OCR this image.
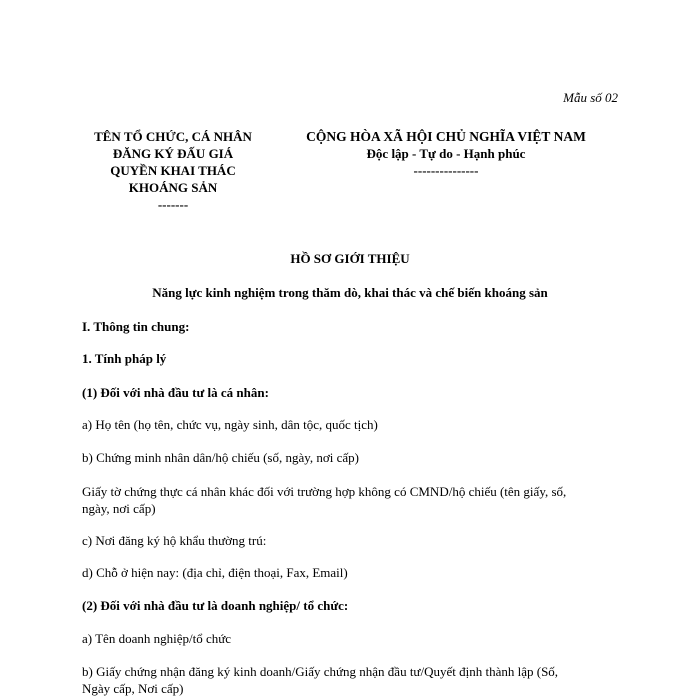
Mẫu số 02
TÊN TỔ CHỨC, CÁ NHÂN
ĐĂNG KÝ ĐẤU GIÁ
QUYỀN KHAI THÁC
KHOÁNG SẢN
-------
CỘNG HÒA XÃ HỘI CHỦ NGHĨA VIỆT NAM
Độc lập - Tự do - Hạnh phúc
---------------
HỒ SƠ GIỚI THIỆU
Năng lực kinh nghiệm trong thăm dò, khai thác và chế biến khoáng sản
I. Thông tin chung:
1. Tính pháp lý
(1) Đối với nhà đầu tư là cá nhân:
a) Họ tên (họ tên, chức vụ, ngày sinh, dân tộc, quốc tịch)
b) Chứng minh nhân dân/hộ chiếu (số, ngày, nơi cấp)
Giấy tờ chứng thực cá nhân khác đối với trường hợp không có CMND/hộ chiếu (tên giấy, số,
ngày, nơi cấp)
c) Nơi đăng ký hộ khẩu thường trú:
d) Chỗ ở hiện nay: (địa chỉ, điện thoại, Fax, Email)
(2) Đối với nhà đầu tư là doanh nghiệp/ tổ chức:
a) Tên doanh nghiệp/tổ chức
b) Giấy chứng nhận đăng ký kinh doanh/Giấy chứng nhận đầu tư/Quyết định thành lập (Số,
Ngày cấp, Nơi cấp)
